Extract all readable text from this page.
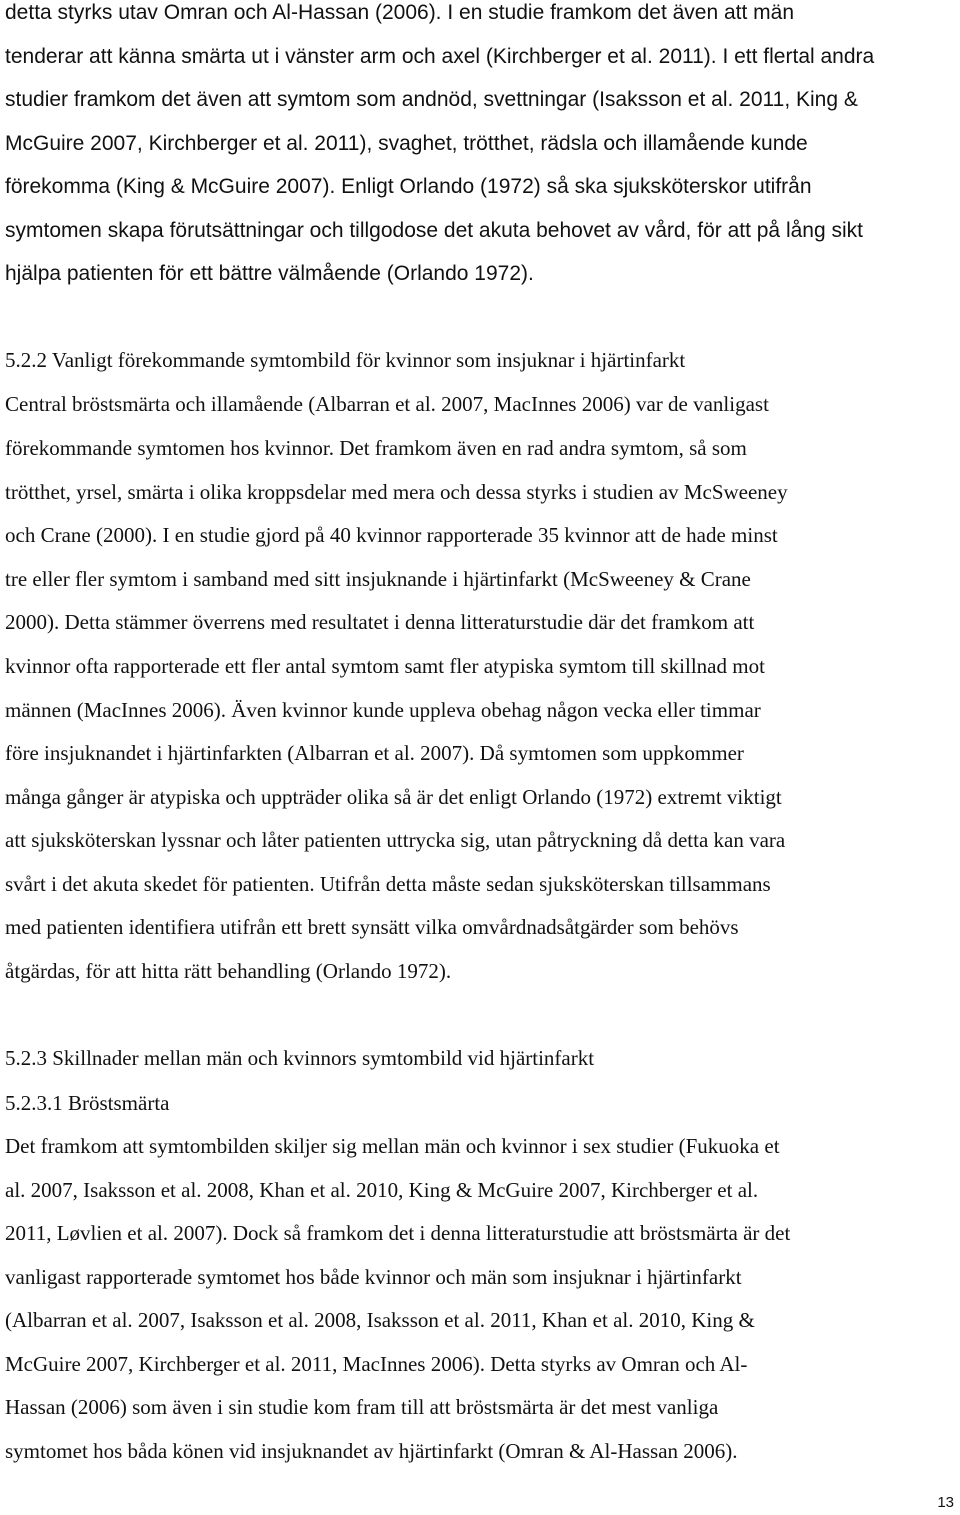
detta styrks utav Omran och Al-Hassan (2006). I en studie framkom det även att män
tenderar att känna smärta ut i vänster arm och axel (Kirchberger et al. 2011). I ett flertal andra
studier framkom det även att symtom som andnöd, svettningar (Isaksson et al. 2011, King &
McGuire 2007, Kirchberger et al. 2011), svaghet, trötthet, rädsla och illamående kunde
förekomma (King & McGuire 2007). Enligt Orlando (1972) så ska sjuksköterskor utifrån
symtomen skapa förutsättningar och tillgodose det akuta behovet av vård, för att på lång sikt
hjälpa patienten för ett bättre välmående (Orlando 1972).
5.2.2 Vanligt förekommande symtombild för kvinnor som insjuknar i hjärtinfarkt
Central bröstsmärta och illamående (Albarran et al. 2007, MacInnes 2006) var de vanligast
förekommande symtomen hos kvinnor. Det framkom även en rad andra symtom, så som
trötthet, yrsel, smärta i olika kroppsdelar med mera och dessa styrks i studien av McSweeney
och Crane (2000). I en studie gjord på 40 kvinnor rapporterade 35 kvinnor att de hade minst
tre eller fler symtom i samband med sitt insjuknande i hjärtinfarkt (McSweeney & Crane
2000). Detta stämmer överrens med resultatet i denna litteraturstudie där det framkom att
kvinnor ofta rapporterade ett fler antal symtom samt fler atypiska symtom till skillnad mot
männen (MacInnes 2006). Även kvinnor kunde uppleva obehag någon vecka eller timmar
före insjuknandet i hjärtinfarkten (Albarran et al. 2007). Då symtomen som uppkommer
många gånger är atypiska och uppträder olika så är det enligt Orlando (1972) extremt viktigt
att sjuksköterskan lyssnar och låter patienten uttrycka sig, utan påtryckning då detta kan vara
svårt i det akuta skedet för patienten. Utifrån detta måste sedan sjuksköterskan tillsammans
med patienten identifiera utifrån ett brett synsätt vilka omvårdnadsåtgärder som behövs
åtgärdas, för att hitta rätt behandling (Orlando 1972).
5.2.3 Skillnader mellan män och kvinnors symtombild vid hjärtinfarkt
5.2.3.1 Bröstsmärta
Det framkom att symtombilden skiljer sig mellan män och kvinnor i sex studier (Fukuoka et
al. 2007, Isaksson et al. 2008, Khan et al. 2010, King & McGuire 2007, Kirchberger et al.
2011, Løvlien et al. 2007). Dock så framkom det i denna litteraturstudie att bröstsmärta är det
vanligast rapporterade symtomet hos både kvinnor och män som insjuknar i hjärtinfarkt
(Albarran et al. 2007, Isaksson et al. 2008, Isaksson et al. 2011, Khan et al. 2010, King &
McGuire 2007, Kirchberger et al. 2011, MacInnes 2006). Detta styrks av Omran och Al-
Hassan (2006) som även i sin studie kom fram till att bröstsmärta är det mest vanliga
symtomet hos båda könen vid insjuknandet av hjärtinfarkt (Omran & Al-Hassan 2006).
13
